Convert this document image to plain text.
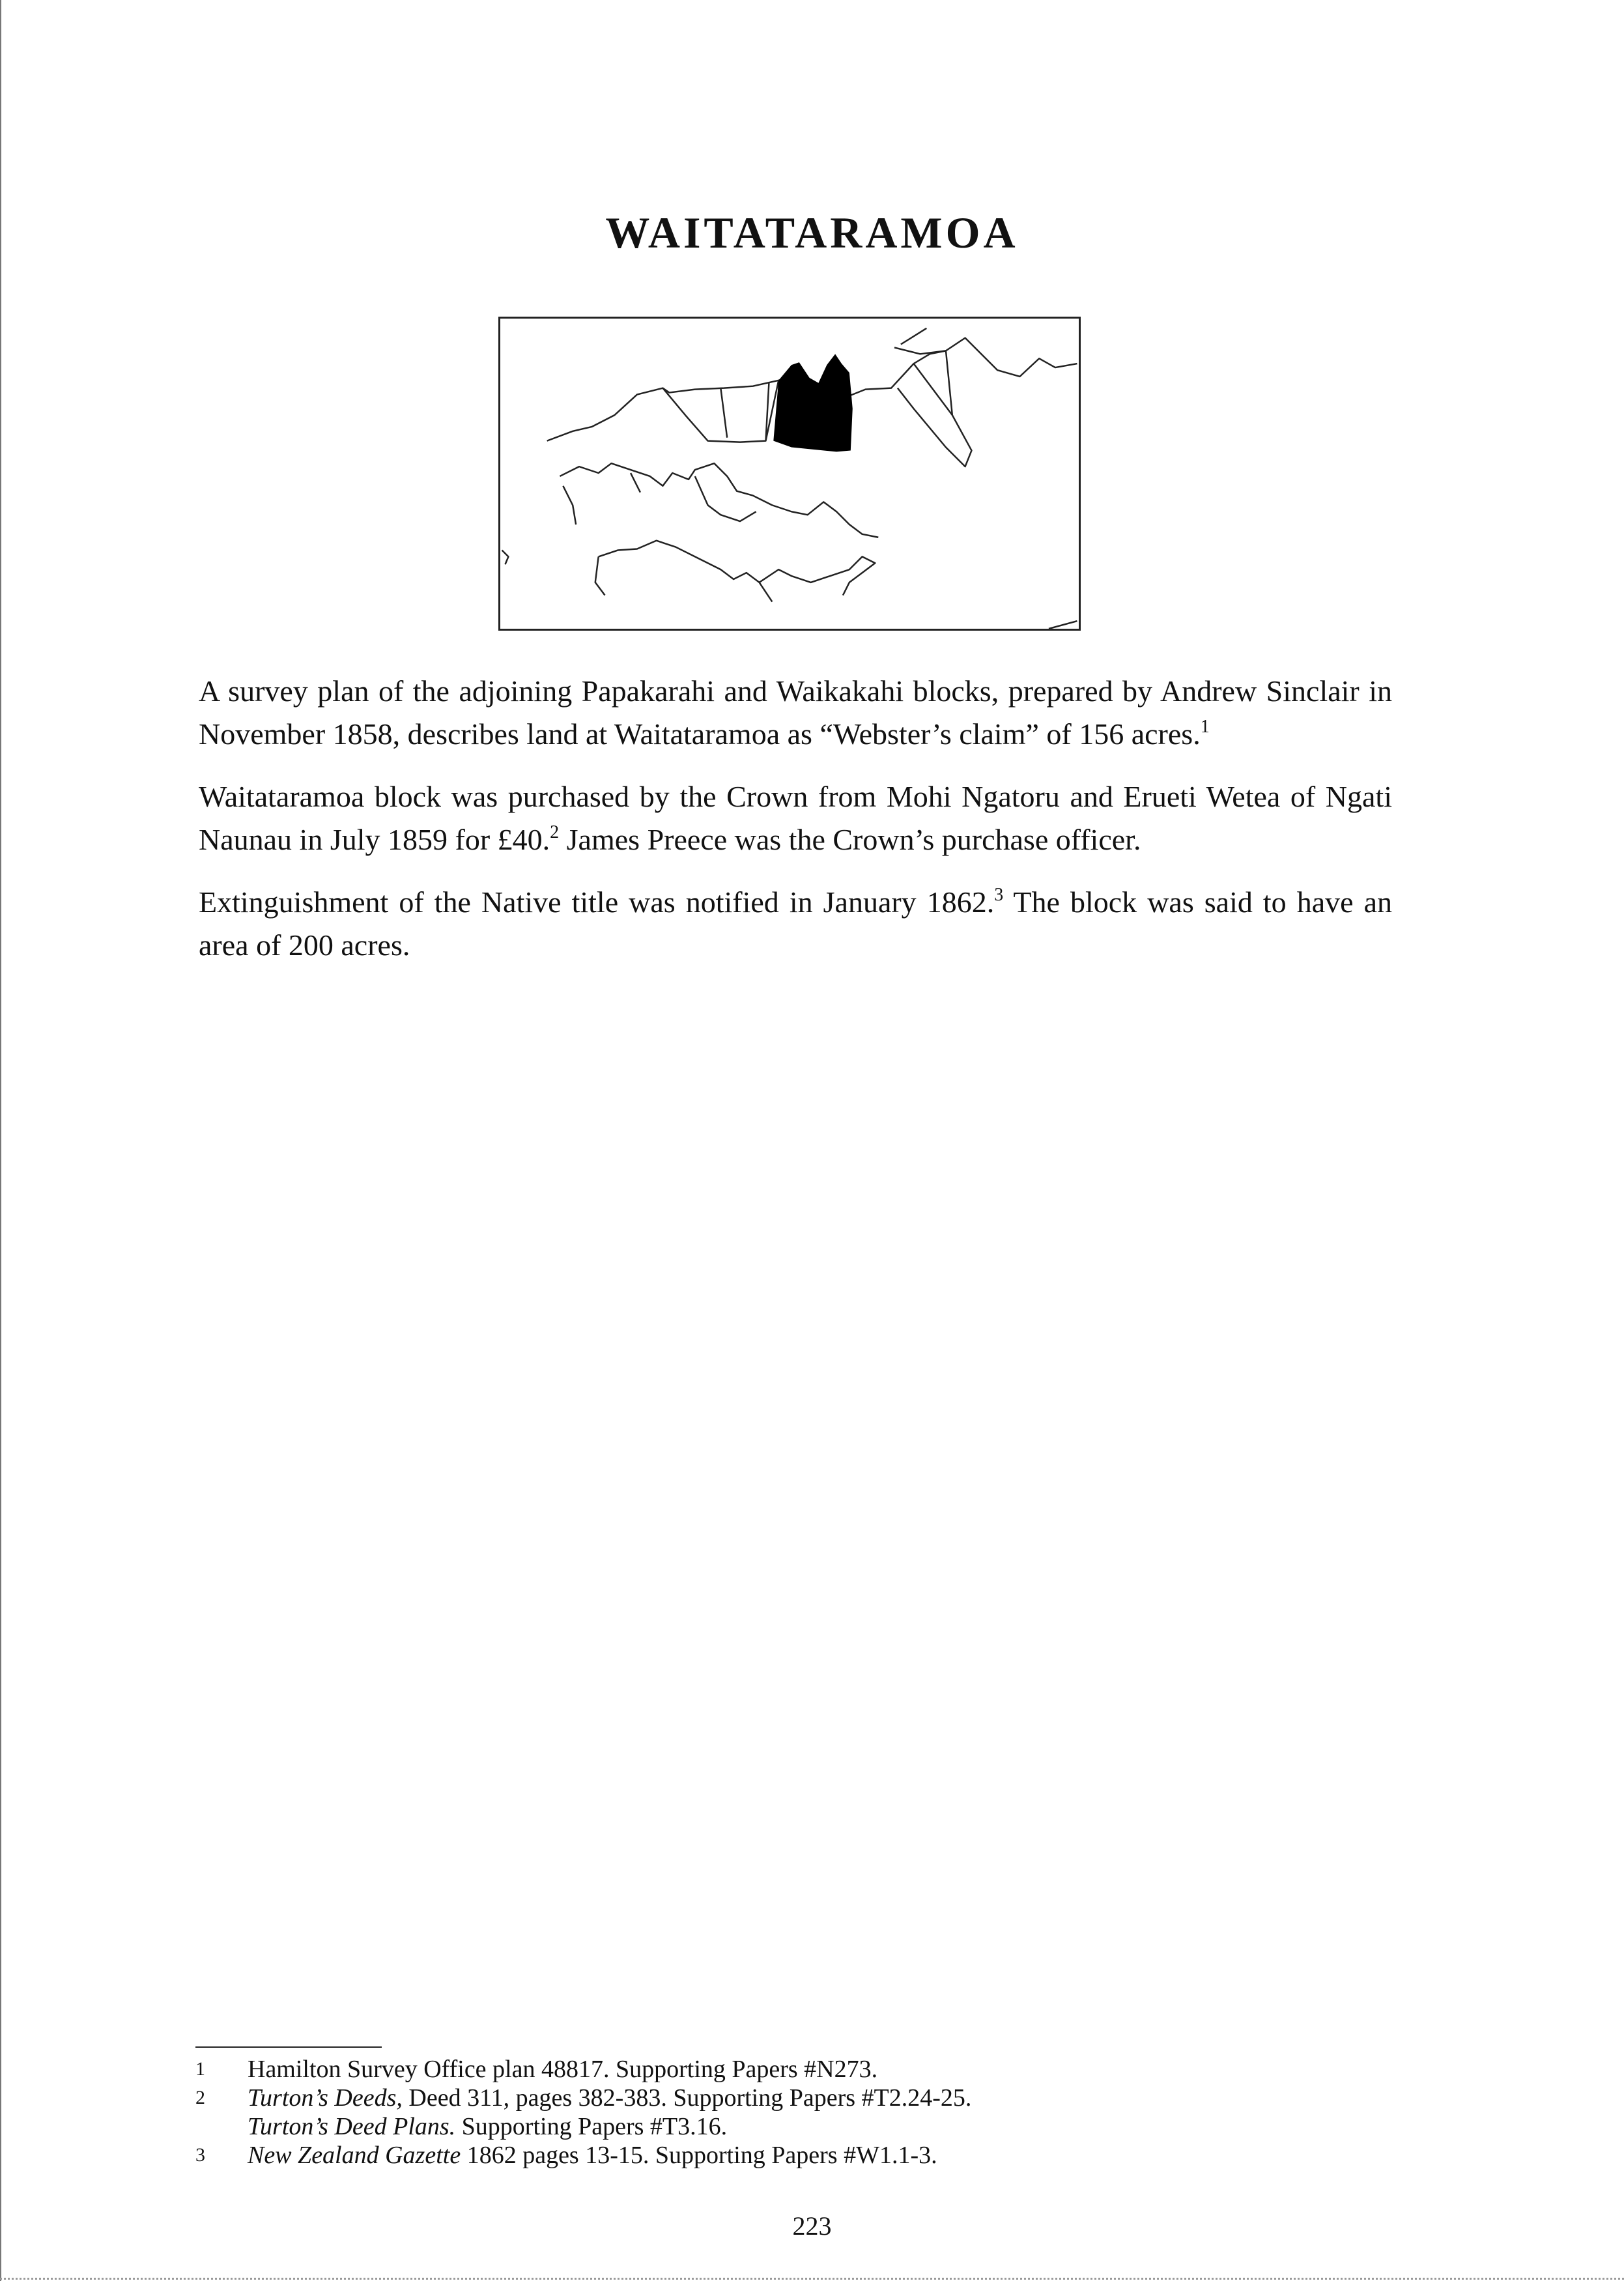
WAITATARAMOA

A survey plan of the adjoining Papakarahi and Waikakahi blocks, prepared by Andrew Sinclair in November 1858, describes land at Waitataramoa as “Webster’s claim” of 156 acres.$^1$

Waitataramoa block was purchased by the Crown from Mohi Ngatoru and Erueti Wetea of Ngati Naunau in July 1859 for £40.$^2$ James Preece was the Crown’s purchase officer.

Extinguishment of the Native title was notified in January 1862.$^3$ The block was said to have an area of 200 acres.

1	Hamilton Survey Office plan 48817. Supporting Papers #N273.
2	Turton’s Deeds, Deed 311, pages 382-383. Supporting Papers #T2.24-25.
Turton’s Deed Plans. Supporting Papers #T3.16.
3	New Zealand Gazette 1862 pages 13-15. Supporting Papers #W1.1-3.
223
